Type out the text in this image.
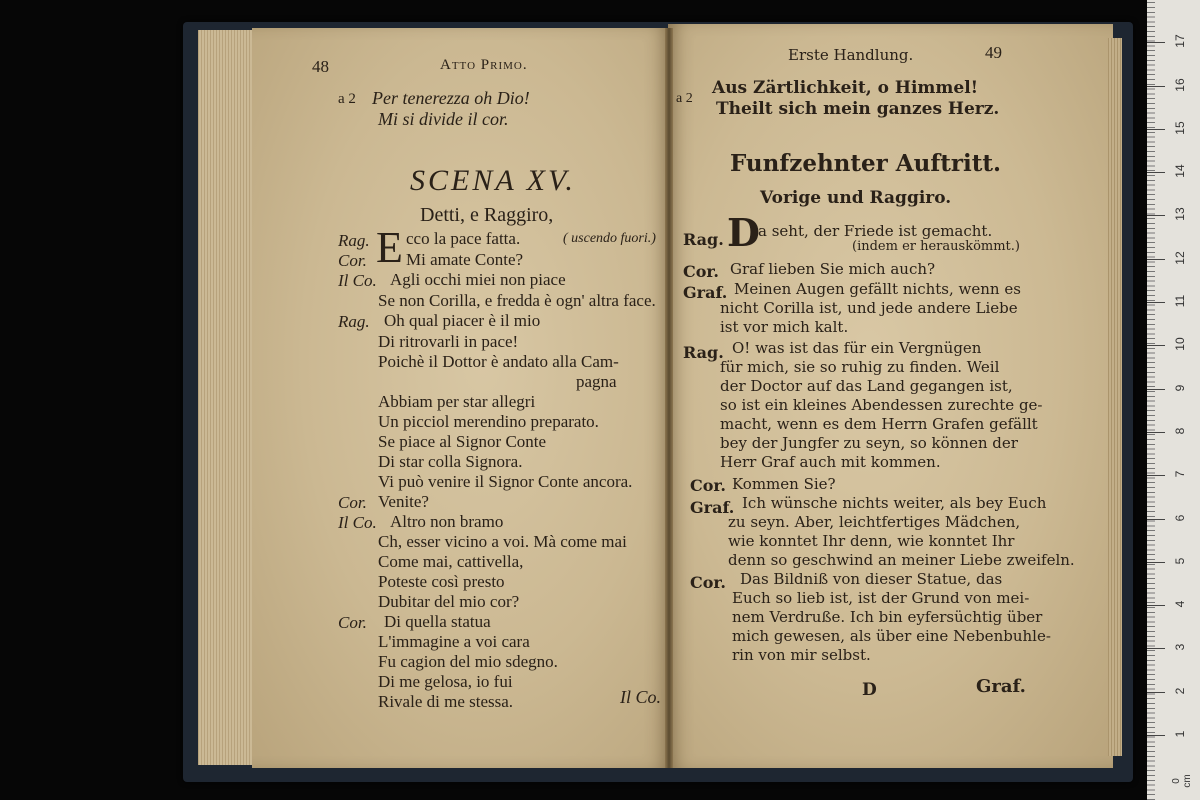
48	Atto Primo.
a 2 Per tenerezza oh Dio!
Mi si divide il cor.
SCENA XV.
Detti, e Raggiro,
E
Rag. cco la pace fatta.	( uscendo fuori.)
Cor. Mi amate Conte?
Il Co. Agli occhi miei non piace
Se non Corilla, e fredda è ogn' altra face.
Rag. Oh qual piacer è il mio
Di ritrovarli in pace!
Poichè il Dottor è andato alla Cam-
pagna
Abbiam per star allegri
Un picciol merendino preparato.
Se piace al Signor Conte
Di star colla Signora.
Vi può venire il Signor Conte ancora.
Cor. Venite?
Il Co. Altro non bramo
Ch, esser vicino a voi. Mà come mai
Come mai, cattivella,
Poteste così presto
Dubitar del mio cor?
Cor. Di quella statua
L'immagine a voi cara
Fu cagion del mio sdegno.
Di me gelosa, io fui
Rivale di me stessa.	Il Co.
Erste Handlung.	49
a 2
Aus Zärtlichkeit, o Himmel!
Theilt sich mein ganzes Herz.
Funfzehnter Auftritt.
Vorige und Raggiro.
D
Rag. a seht, der Friede ist gemacht.
(indem er herauskömmt.)
Cor. Graf lieben Sie mich auch?
Graf. Meinen Augen gefällt nichts, wenn es
nicht Corilla ist, und jede andere Liebe
ist vor mich kalt.
Rag. O! was ist das für ein Vergnügen
für mich, sie so ruhig zu finden. Weil
der Doctor auf das Land gegangen ist,
so ist ein kleines Abendessen zurechte ge-
macht, wenn es dem Herrn Grafen gefällt
bey der Jungfer zu seyn, so können der
Herr Graf auch mit kommen.
Cor. Kommen Sie?
Graf. Ich wünsche nichts weiter, als bey Euch
zu seyn. Aber, leichtfertiges Mädchen,
wie konntet Ihr denn, wie konntet Ihr
denn so geschwind an meiner Liebe zweifeln.
Cor. Das Bildniß von dieser Statue, das
Euch so lieb ist, ist der Grund von mei-
nem Verdruße. Ich bin eyfersüchtig über
mich gewesen, als über eine Nebenbuhle-
rin von mir selbst.
D	Graf.
1
2
3
4
5
6
7
8
9
10
11
12
13
14
15
16
17
0 cm
